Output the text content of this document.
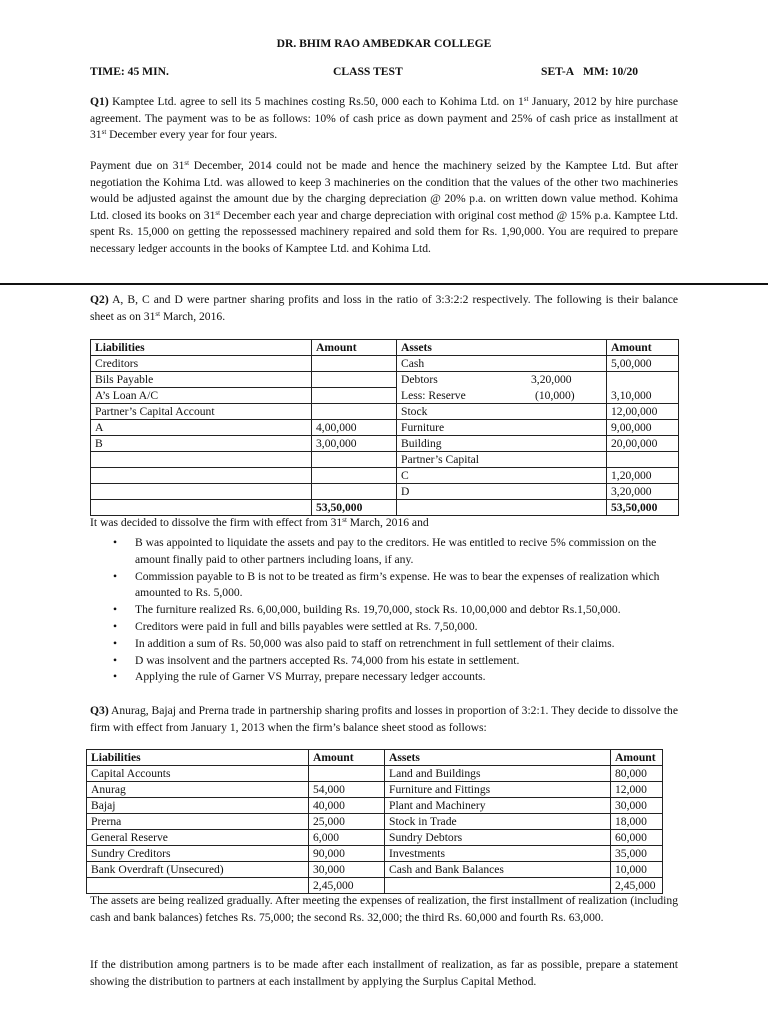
DR. BHIM RAO AMBEDKAR COLLEGE
TIME: 45 MIN.	CLASS TEST	SET-A MM: 10/20
Q1) Kamptee Ltd. agree to sell its 5 machines costing Rs.50, 000 each to Kohima Ltd. on 1st January, 2012 by hire purchase agreement. The payment was to be as follows: 10% of cash price as down payment and 25% of cash price as installment at 31st December every year for four years.
Payment due on 31st December, 2014 could not be made and hence the machinery seized by the Kamptee Ltd. But after negotiation the Kohima Ltd. was allowed to keep 3 machineries on the condition that the values of the other two machineries would be adjusted against the amount due by the charging depreciation @ 20% p.a. on written down value method. Kohima Ltd. closed its books on 31st December each year and charge depreciation with original cost method @ 15% p.a. Kamptee Ltd. spent Rs. 15,000 on getting the repossessed machinery repaired and sold them for Rs. 1,90,000. You are required to prepare necessary ledger accounts in the books of Kamptee Ltd. and Kohima Ltd.
Q2) A, B, C and D were partner sharing profits and loss in the ratio of 3:3:2:2 respectively. The following is their balance sheet as on 31st March, 2016.
Liabilities	Amount	Assets	Amount
Creditors		Cash	5,00,000
Bils Payable		Debtors 3,20,000	
A’s Loan A/C		Less: Reserve (10,000)	3,10,000
Partner’s Capital Account		Stock	12,00,000
A	4,00,000	Furniture	9,00,000
B	3,00,000	Building	20,00,000
		Partner’s Capital	
		C	1,20,000
		D	3,20,000
	53,50,000		53,50,000
It was decided to dissolve the firm with effect from 31st March, 2016 and
• B was appointed to liquidate the assets and pay to the creditors. He was entitled to recive 5% commission on the amount finally paid to other partners including loans, if any.
• Commission payable to B is not to be treated as firm’s expense. He was to bear the expenses of realization which amounted to Rs. 5,000.
• The furniture realized Rs. 6,00,000, building Rs. 19,70,000, stock Rs. 10,00,000 and debtor Rs.1,50,000.
• Creditors were paid in full and bills payables were settled at Rs. 7,50,000.
• In addition a sum of Rs. 50,000 was also paid to staff on retrenchment in full settlement of their claims.
• D was insolvent and the partners accepted Rs. 74,000 from his estate in settlement.
• Applying the rule of Garner VS Murray, prepare necessary ledger accounts.
Q3) Anurag, Bajaj and Prerna trade in partnership sharing profits and losses in proportion of 3:2:1. They decide to dissolve the firm with effect from January 1, 2013 when the firm’s balance sheet stood as follows:
Liabilities	Amount	Assets	Amount
Capital Accounts		Land and Buildings	80,000
Anurag	54,000	Furniture and Fittings	12,000
Bajaj	40,000	Plant and Machinery	30,000
Prerna	25,000	Stock in Trade	18,000
General Reserve	6,000	Sundry Debtors	60,000
Sundry Creditors	90,000	Investments	35,000
Bank Overdraft (Unsecured)	30,000	Cash and Bank Balances	10,000
	2,45,000		2,45,000
The assets are being realized gradually. After meeting the expenses of realization, the first installment of realization (including cash and bank balances) fetches Rs. 75,000; the second Rs. 32,000; the third Rs. 60,000 and fourth Rs. 63,000.
If the distribution among partners is to be made after each installment of realization, as far as possible, prepare a statement showing the distribution to partners at each installment by applying the Surplus Capital Method.
